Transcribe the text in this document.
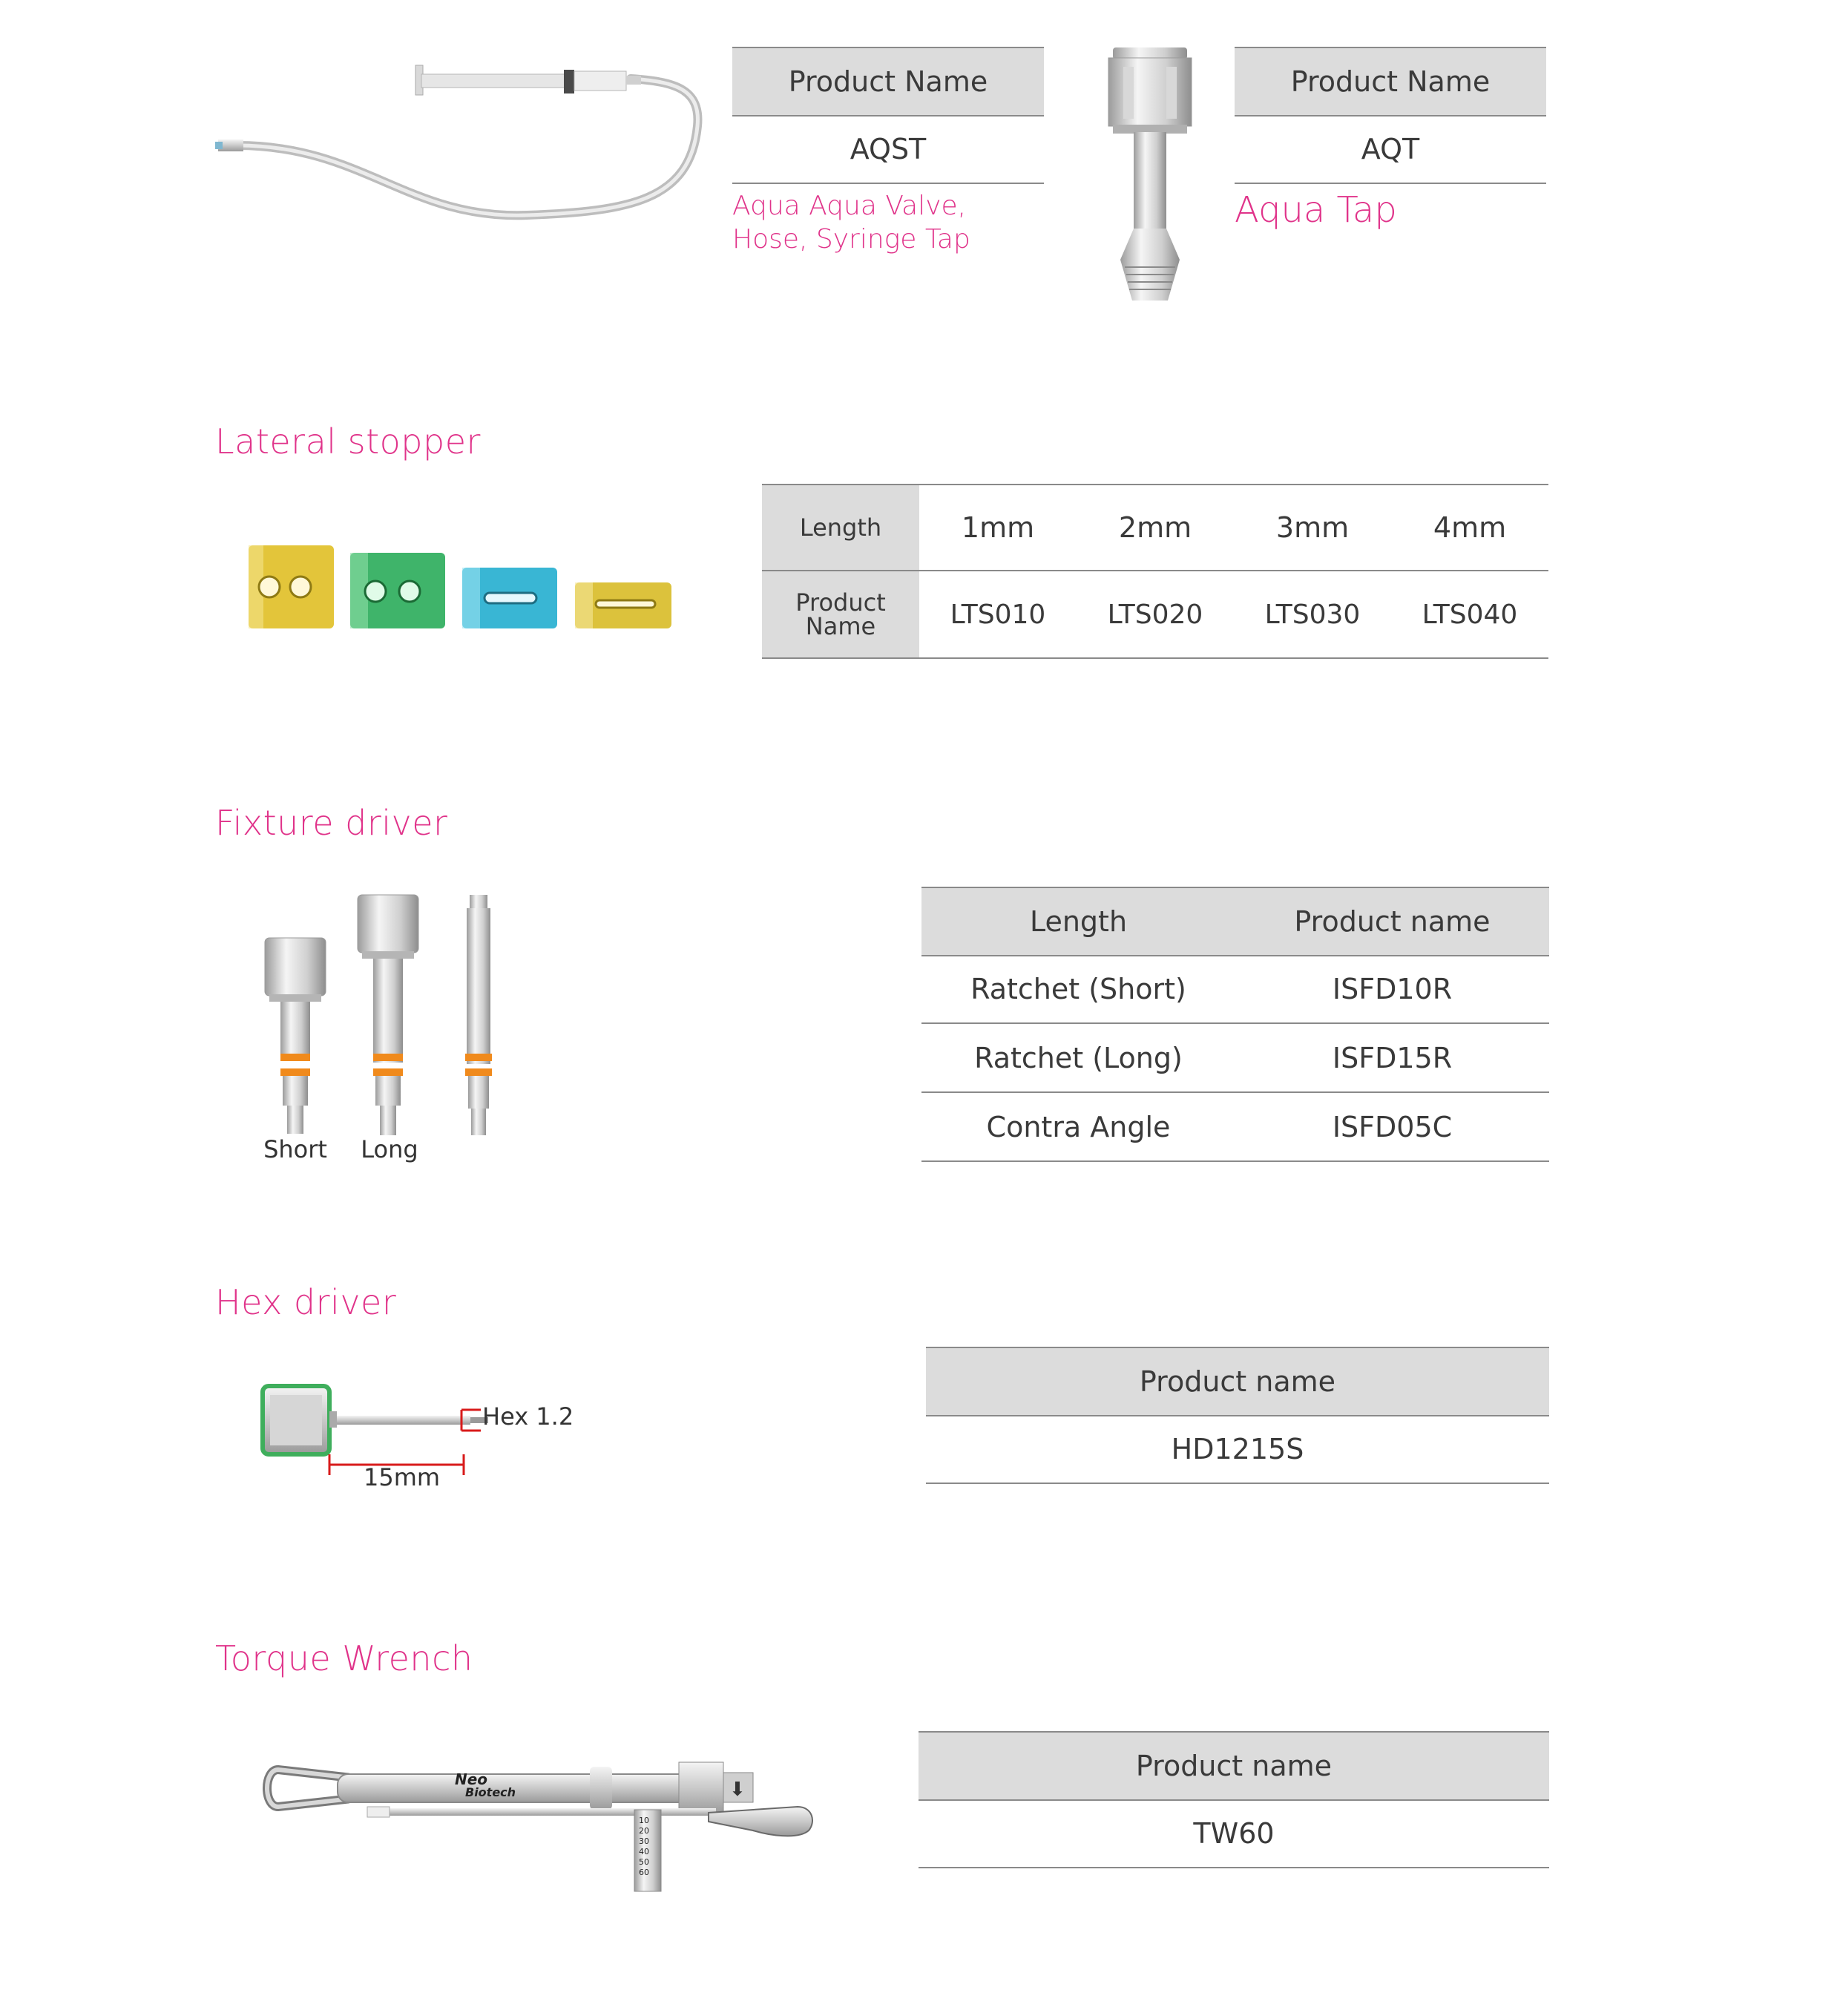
Product Name
AQST
Aqua Aqua Valve,
Hose, Syringe Tap
Product Name
AQT
Aqua Tap
Lateral stopper
Length	1mm	2mm	3mm	4mm
Product
Name	LTS010	LTS020	LTS030	LTS040
Fixture driver
Short	Long
Length	Product name
Ratchet (Short)	ISFD10R
Ratchet (Long)	ISFD15R
Contra Angle	ISFD05C
Hex driver
Hex 1.2
15mm
Product name
HD1215S
Torque Wrench
⬇
Neo
Biotech
10
20
30
40
50
60
Product name
TW60
